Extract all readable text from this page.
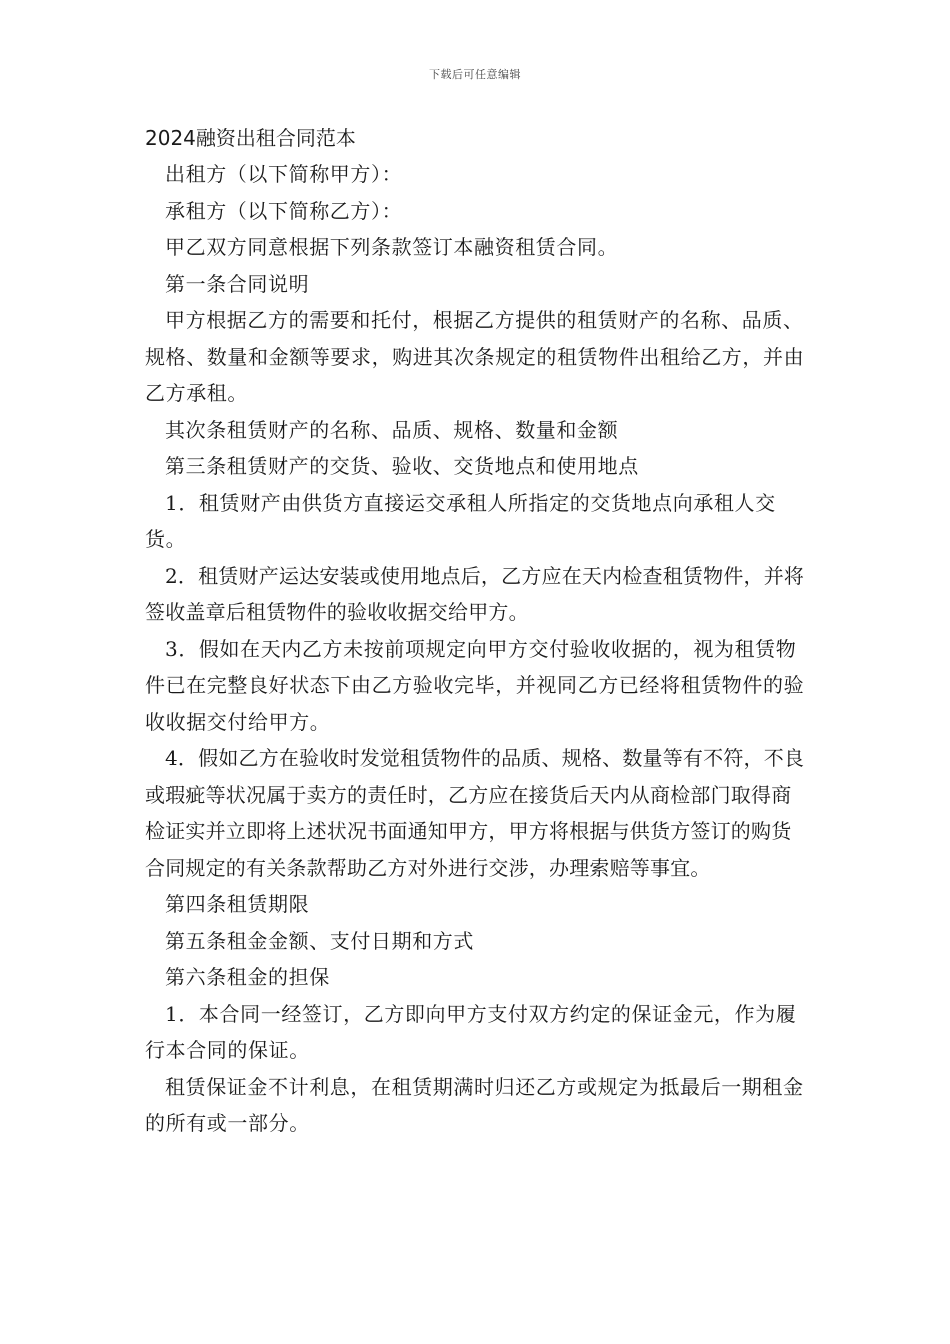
下载后可任意编辑
2024融资出租合同范本

出租方（以下简称甲方）：

承租方（以下简称乙方）：

甲乙双方同意根据下列条款签订本融资租赁合同。

第一条合同说明

甲方根据乙方的需要和托付，根据乙方提供的租赁财产的名称、品质、规格、数量和金额等要求，购进其次条规定的租赁物件出租给乙方，并由乙方承租。

其次条租赁财产的名称、品质、规格、数量和金额

第三条租赁财产的交货、验收、交货地点和使用地点

1．租赁财产由供货方直接运交承租人所指定的交货地点向承租人交货。

2．租赁财产运达安装或使用地点后，乙方应在天内检查租赁物件，并将签收盖章后租赁物件的验收收据交给甲方。

3．假如在天内乙方未按前项规定向甲方交付验收收据的，视为租赁物件已在完整良好状态下由乙方验收完毕，并视同乙方已经将租赁物件的验收收据交付给甲方。

4．假如乙方在验收时发觉租赁物件的品质、规格、数量等有不符，不良或瑕疵等状况属于卖方的责任时，乙方应在接货后天内从商检部门取得商检证实并立即将上述状况书面通知甲方，甲方将根据与供货方签订的购货合同规定的有关条款帮助乙方对外进行交涉，办理索赔等事宜。

第四条租赁期限

第五条租金金额、支付日期和方式

第六条租金的担保

1．本合同一经签订，乙方即向甲方支付双方约定的保证金元，作为履行本合同的保证。

租赁保证金不计利息，在租赁期满时归还乙方或规定为抵最后一期租金的所有或一部分。
